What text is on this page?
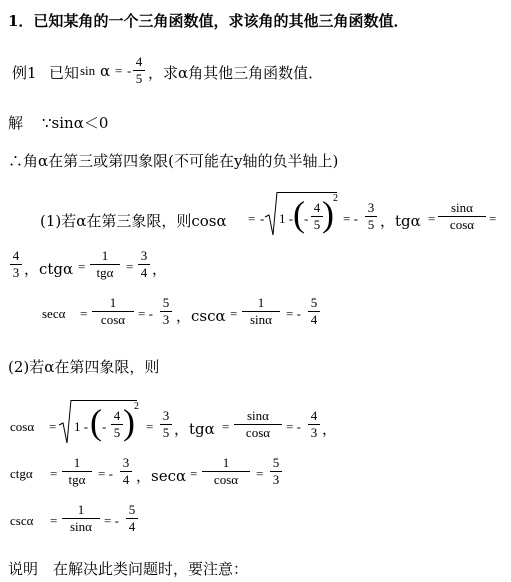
1．已知某角的一个三角函数值，求该角的其他三角函数值．
例1 已知 sin α = -
4
5 ，求α角其他三角函数值．
解 ∵sinα＜0
∴角α在第三或第四象限(不可能在y轴的负半轴上)
(1)若α在第三象限，则cosα = - 1 - ( -
4
5 ) 2
= -
3
5 ，tgα =
sinα
cosα	=
4
3 ，ctgα =
1
tgα =
3
4 ，
secα =
1
cosα = -
5
3 ，cscα =
1
sinα	= -
5
4
(2)若α在第四象限，则
cosα = 1 - ( -
4
5 ) 2
=
3
5 ，tgα =
sinα
cosα	= -
4
3 ，
ctgα =
1
tgα = -
3
4 ，secα =
1
cosα	=
5
3
cscα =
1
sinα = -
5
4
说明　在解决此类问题时，要注意：
